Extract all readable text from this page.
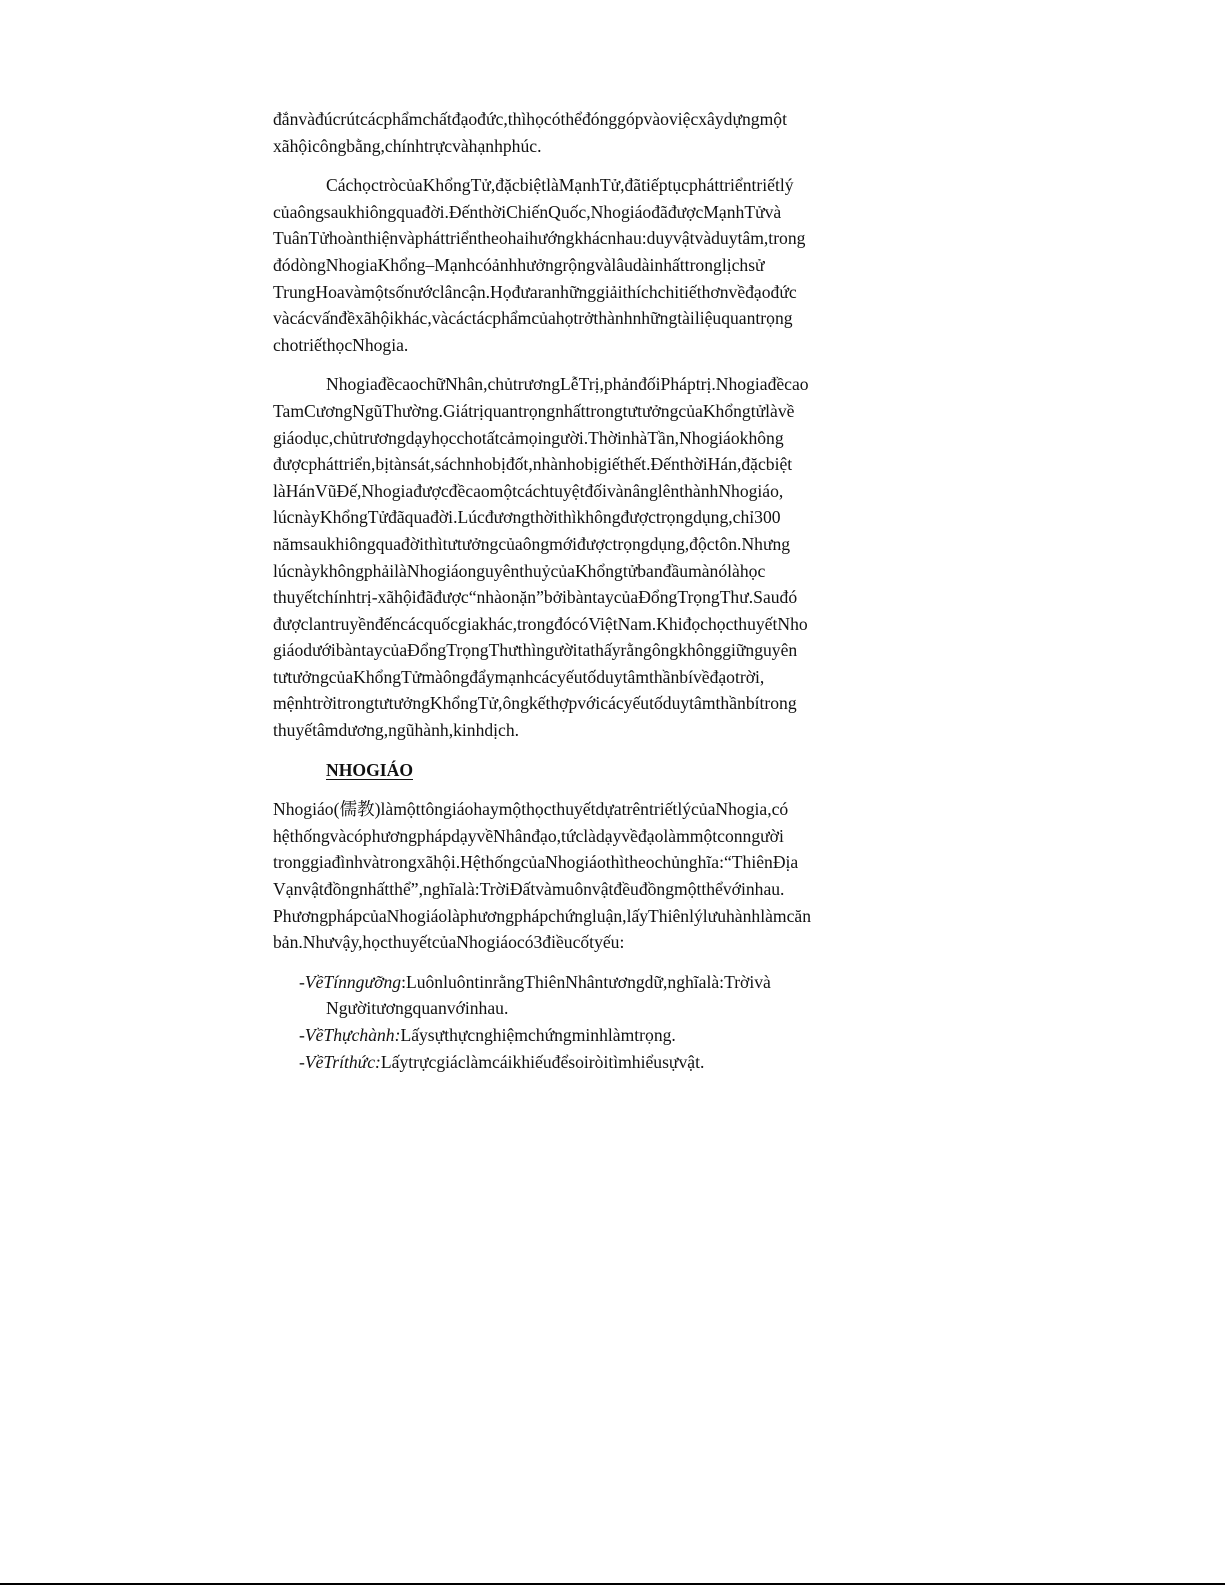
đắnvàđúcrútcácphẩmchấtđạođức,thìhọcóthểđónggópvàoviệcxâydựngmột
xãhộicôngbằng,chínhtrựcvàhạnhphúc.

CáchọctròcủaKhổngTử,đặcbiệtlàMạnhTử,đãtiếptụcpháttriểntriếtlý
củaôngsaukhiôngquađời.ĐếnthờiChiếnQuốc,NhogiáođãđượcMạnhTửvà
TuânTửhoànthiệnvàpháttriểntheohaihướngkhácnhau:duyvậtvàduytâm,trong
đódòngNhogiaKhổng–Mạnhcóảnhhưởngrộngvàlâudàinhấttronglịchsử
TrungHoavàmộtsốnướclâncận.Họđưaranhữnggiảithíchchitiếthơnvềđạođức
vàcácvấnđềxãhộikhác,vàcáctácphẩmcủahọtrởthànhnhữngtàiliệuquantrọng
chotriếthọcNhogia.

NhogiađềcaochữNhân,chủtrươngLễTrị,phảnđốiPháptrị.Nhogiađềcao
TamCươngNgũThường.GiátrịquantrọngnhấttrongtưtưởngcủaKhổngtửlàvề
giáodục,chủtrươngdạyhọcchotấtcảmọingười.ThờinhàTần,Nhogiáokhông
đượcpháttriển,bịtànsát,sáchnhobịđốt,nhànhobịgiếthết.ĐếnthờiHán,đặcbiệt
làHánVũĐế,NhogiađượcđềcaomộtcáchtuyệtđốivànânglênthànhNhogiáo,
lúcnàyKhổngTửđãquađời.Lúcđươngthờithìkhôngđượctrọngdụng,chỉ300
nămsaukhiôngquađờithìtưtưởngcủaôngmớiđượctrọngdụng,độctôn.Nhưng
lúcnàykhôngphảilàNhogiáonguyênthuỷcủaKhổngtửbanđầumànólàhọc
thuyếtchínhtrị-xãhộiđãđược“nhàonặn”bởibàntaycủaĐổngTrọngThư.Sauđó
đượclantruyềnđếncácquốcgiakhác,trongđócóViệtNam.KhiđọchọcthuyếtNho
giáodướibàntaycủaĐổngTrọngThưthìngườitathấyrằngôngkhônggiữnguyên
tưtưởngcủaKhổngTửmàôngđẩymạnhcácyếutốduytâmthầnbívềđạotrời,
mệnhtrờitrongtưtưởngKhổngTử,ôngkếthợpvớicácyếutốduytâmthầnbítrong
thuyếtâmdương,ngũhành,kinhdịch.

NHOGIÁO

Nhogiáo(儒教)làmộttôngiáohaymộthọcthuyếtdựatrêntriếtlýcủaNhogia,có
hệthốngvàcóphươngphápdạyvềNhânđạo,tứclàdạyvềđạolàmmộtconngười
tronggiađìnhvàtrongxãhội.HệthốngcủaNhogiáothìtheochủnghĩa:“ThiênĐịa
Vạnvậtđồngnhấtthể”,nghĩalà:TrờiĐấtvàmuônvậtđềuđồngmộtthểvớinhau.
PhươngphápcủaNhogiáolàphươngphápchứngluận,lấyThiênlýlưuhànhlàmcăn
bản.Nhưvậy,họcthuyếtcủaNhogiáocó3điềucốtyếu:

-VềTínngưỡng:LuônluôntinrằngThiênNhântươngdữ,nghĩalà:Trờivà
Ngườitươngquanvớinhau.
-VềThựchành:Lấysựthựcnghiệmchứngminhlàmtrọng.
-VềTríthức:Lấytrựcgiáclàmcáikhiếuđểsoiròitìmhiểusựvật.
